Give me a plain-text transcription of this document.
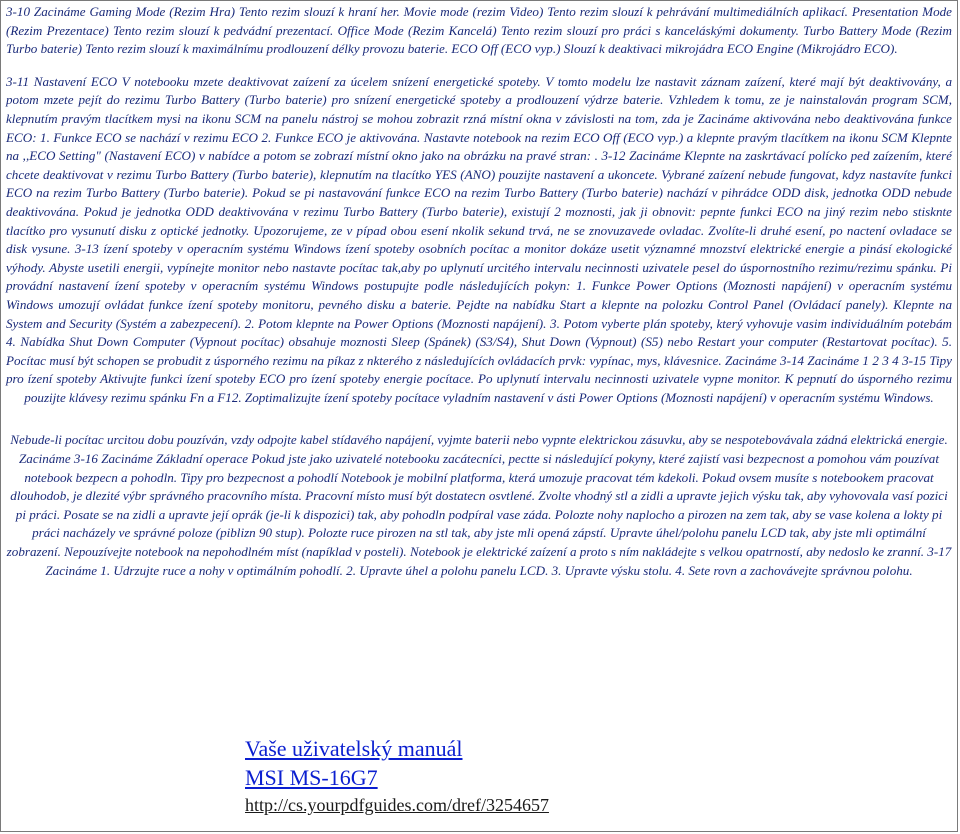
3-10 Zacináme Gaming Mode (Rezim Hra) Tento rezim slouzí k hraní her. Movie mode (rezim Video) Tento rezim slouzí k pehrávání multimediálních aplikací. Presentation Mode (Rezim Prezentace) Tento rezim slouzí k pedvádní prezentací. Office Mode (Rezim Kancelá) Tento rezim slouzí pro práci s kanceláskými dokumenty. Turbo Battery Mode (Rezim Turbo baterie) Tento rezim slouzí k maximálnímu prodlouzení délky provozu baterie. ECO Off (ECO vyp.) Slouzí k deaktivaci mikrojádra ECO Engine (Mikrojádro ECO).

3-11 Nastavení ECO V notebooku mzete deaktivovat zaízení za úcelem snízení energetické spoteby. V tomto modelu lze nastavit záznam zaízení, které mají být deaktivovány, a potom mzete pejít do rezimu Turbo Battery (Turbo baterie) pro snízení energetické spoteby a prodlouzení výdrze baterie. Vzhledem k tomu, ze je nainstalován program SCM, klepnutím pravým tlacítkem mysi na ikonu SCM na panelu nástroj se mohou zobrazit rzná místní okna v závislosti na tom, zda je Zacináme aktivována nebo deaktivována funkce ECO: 1. Funkce ECO se nachází v rezimu ECO 2. Funkce ECO je aktivována. Nastavte notebook na rezim ECO Off (ECO vyp.) a klepnte pravým tlacítkem na ikonu SCM Klepnte na ,,ECO Setting" (Nastavení ECO) v nabídce a potom se zobrazí místní okno jako na obrázku na pravé stran: . 3-12 Zacináme Klepnte na zaskrtávací polícko ped zaízením, které chcete deaktivovat v rezimu Turbo Battery (Turbo baterie), klepnutím na tlacítko YES (ANO) pouzijte nastavení a ukoncete. Vybrané zaízení nebude fungovat, kdyz nastavíte funkci ECO na rezim Turbo Battery (Turbo baterie). Pokud se pi nastavování funkce ECO na rezim Turbo Battery (Turbo baterie) nachází v pihrádce ODD disk, jednotka ODD nebude deaktivována. Pokud je jednotka ODD deaktivována v rezimu Turbo Battery (Turbo baterie), existují 2 moznosti, jak ji obnovit: pepnte funkci ECO na jiný rezim nebo stisknte tlacítko pro vysunutí disku z optické jednotky. Upozorujeme, ze v pípad obou esení nkolik sekund trvá, ne se znovuzavede ovladac. Zvolíte-li druhé esení, po nactení ovladace se disk vysune. 3-13 ízení spoteby v operacním systému Windows ízení spoteby osobních pocítac a monitor dokáze usetit významné mnozství elektrické energie a pinásí ekologické výhody. Abyste usetili energii, vypínejte monitor nebo nastavte pocítac tak,aby po uplynutí urcitého intervalu necinnosti uzivatele pesel do úspornostního rezimu/rezimu spánku. Pi provádní nastavení ízení spoteby v operacním systému Windows postupujte podle následujících pokyn: 1. Funkce Power Options (Moznosti napájení) v operacním systému Windows umozují ovládat funkce ízení spoteby monitoru, pevného disku a baterie. Pejdte na nabídku Start a klepnte na polozku Control Panel (Ovládací panely). Klepnte na System and Security (Systém a zabezpecení). 2. Potom klepnte na Power Options (Moznosti napájení). 3. Potom vyberte plán spoteby, který vyhovuje vasim individuálním potebám 4. Nabídka Shut Down Computer (Vypnout pocítac) obsahuje moznosti Sleep (Spánek) (S3/S4), Shut Down (Vypnout) (S5) nebo Restart your computer (Restartovat pocítac). 5. Pocítac musí být schopen se probudit z úsporného rezimu na píkaz z nkterého z následujících ovládacích prvk: vypínac, mys, klávesnice. Zacináme 3-14 Zacináme 1 2 3 4 3-15 Tipy pro ízení spoteby Aktivujte funkci ízení spoteby ECO pro ízení spoteby energie pocítace. Po uplynutí intervalu necinnosti uzivatele vypne monitor. K pepnutí do úsporného rezimu pouzijte klávesy rezimu spánku Fn a F12. Zoptimalizujte ízení spoteby pocítace vyladním nastavení v ásti Power Options (Moznosti napájení) v operacním systému Windows.

Nebude-li pocítac urcitou dobu pouzíván, vzdy odpojte kabel stídavého napájení, vyjmte baterii nebo vypnte elektrickou zásuvku, aby se nespotebovávala zádná elektrická energie. Zacináme 3-16 Zacináme Základní operace Pokud jste jako uzivatelé notebooku zacátecníci, pectte si následující pokyny, které zajistí vasi bezpecnost a pomohou vám pouzívat notebook bezpecn a pohodln. Tipy pro bezpecnost a pohodlí Notebook je mobilní platforma, která umozuje pracovat tém kdekoli. Pokud ovsem musíte s notebookem pracovat dlouhodob, je dlezité výbr správného pracovního místa. Pracovní místo musí být dostatecn osvtlené. Zvolte vhodný stl a zidli a upravte jejich výsku tak, aby vyhovovala vasí pozici pi práci. Posate se na zidli a upravte její oprák (je-li k dispozici) tak, aby pohodln podpíral vase záda. Polozte nohy naplocho a pirozen na zem tak, aby se vase kolena a lokty pi práci nacházely ve správné poloze (piblizn 90 stup). Polozte ruce pirozen na stl tak, aby jste mli opená zápstí. Upravte úhel/polohu panelu LCD tak, aby jste mli optimální zobrazení. Nepouzívejte notebook na nepohodlném míst (napíklad v posteli). Notebook je elektrické zaízení a proto s ním nakládejte s velkou opatrností, aby nedoslo ke zranní. 3-17 Zacináme 1. Udrzujte ruce a nohy v optimálním pohodlí. 2. Upravte úhel a polohu panelu LCD. 3. Upravte výsku stolu. 4. Sete rovn a zachovávejte správnou polohu.

Vaše uživatelský manuál
MSI MS-16G7
http://cs.yourpdfguides.com/dref/3254657
